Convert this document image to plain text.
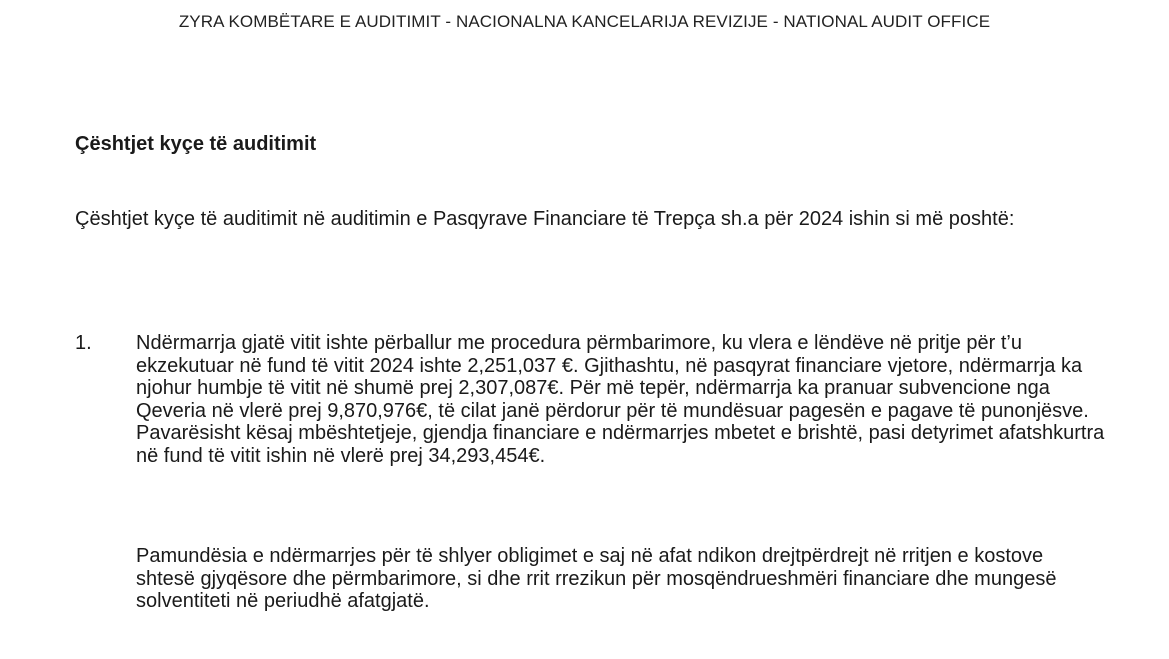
ZYRA KOMBËTARE E AUDITIMIT - NACIONALNA KANCELARIJA REVIZIJE - NATIONAL AUDIT OFFICE
Çështjet kyçe të auditimit

Çështjet kyçe të auditimit në auditimin e Pasqyrave Financiare të Trepça sh.a për 2024 ishin si më poshtë:

1. Ndërmarrja gjatë vitit ishte përballur me procedura përmbarimore, ku vlera e lëndëve në pritje për t’u ekzekutuar në fund të vitit 2024 ishte 2,251,037 €. Gjithashtu, në pasqyrat financiare vjetore, ndërmarrja ka njohur humbje të vitit në shumë prej 2,307,087€. Për më tepër, ndërmarrja ka pranuar subvencione nga Qeveria në vlerë prej 9,870,976€, të cilat janë përdorur për të mundësuar pagesën e pagave të punonjësve. Pavarësisht kësaj mbështetjeje, gjendja financiare e ndërmarrjes mbetet e brishtë, pasi detyrimet afatshkurtra në fund të vitit ishin në vlerë prej 34,293,454€.

Pamundësia e ndërmarrjes për të shlyer obligimet e saj në afat ndikon drejtpërdrejt në rritjen e kostove shtesë gjyqësore dhe përmbarimore, si dhe rrit rrezikun për mosqëndrueshmëri financiare dhe mungesë solventiteti në periudhë afatgjatë.
